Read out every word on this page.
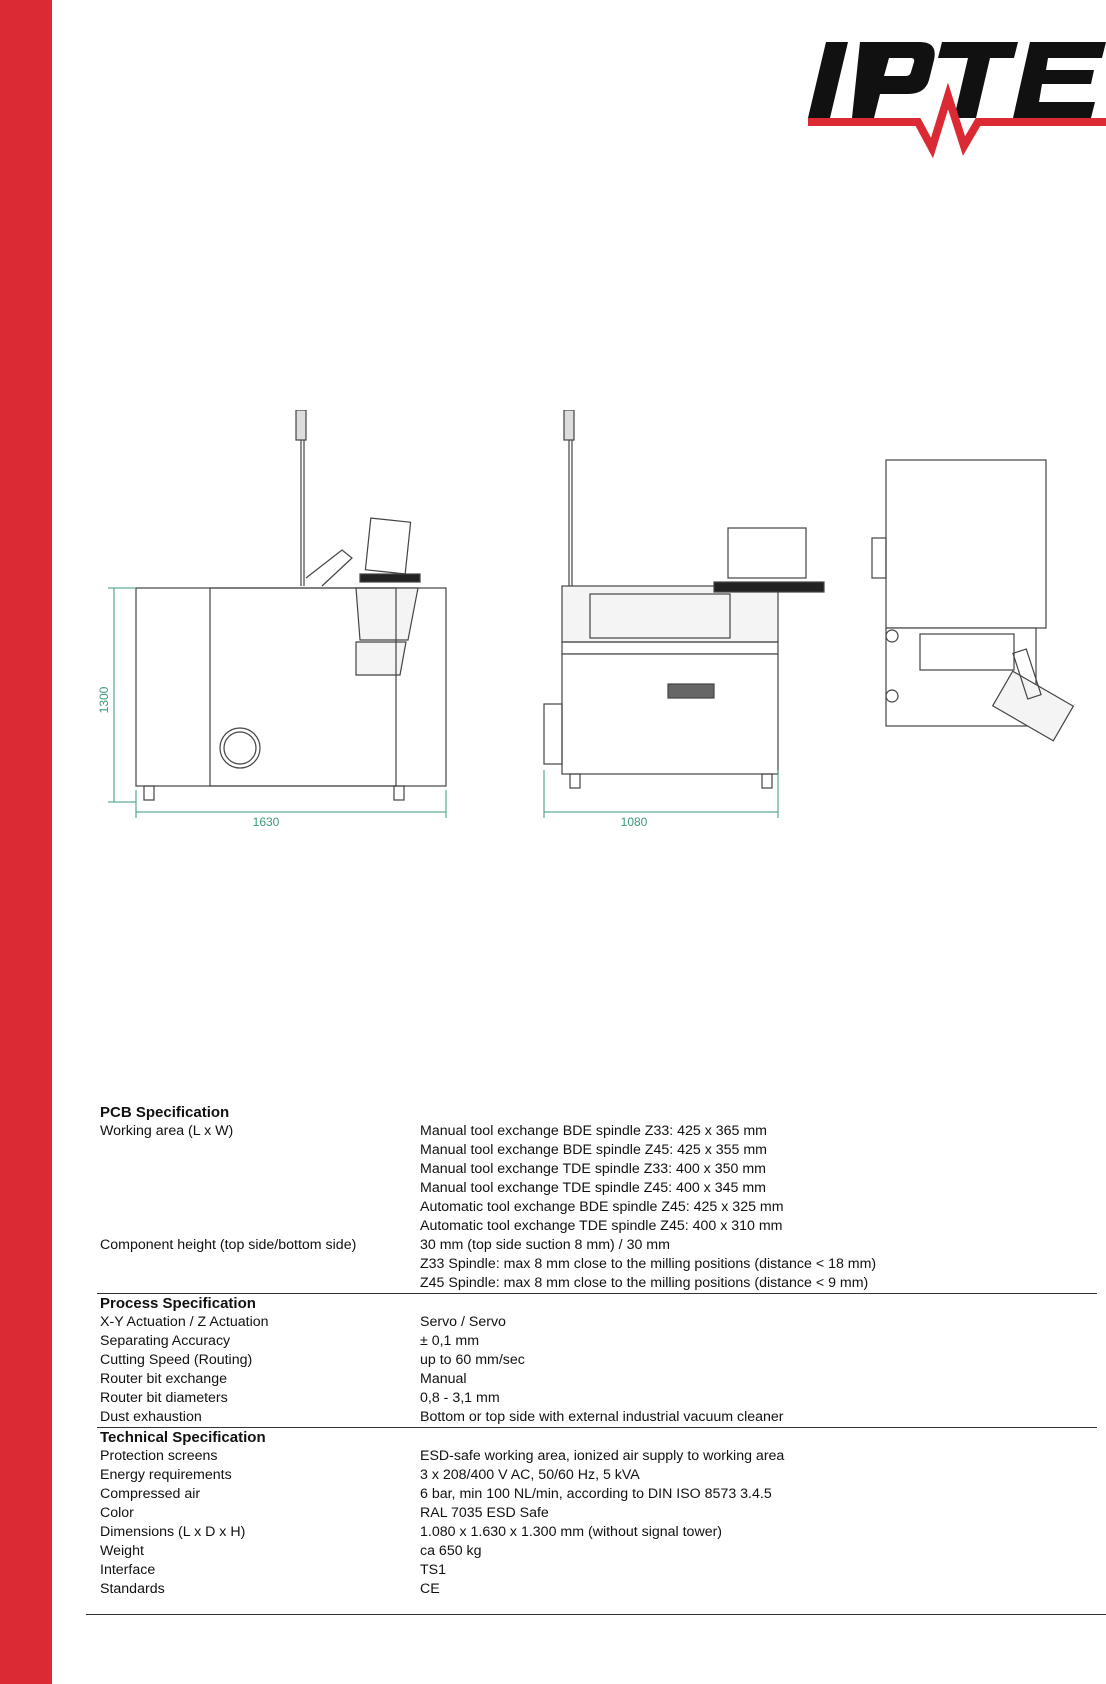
1300
1630	1080
PCB Specification
Working area (L x W)	Manual tool exchange BDE spindle Z33: 425 x 365 mm
Manual tool exchange BDE spindle Z45: 425 x 355 mm
Manual tool exchange TDE spindle Z33: 400 x 350 mm
Manual tool exchange TDE spindle Z45: 400 x 345 mm
Automatic tool exchange BDE spindle Z45: 425 x 325 mm
Automatic tool exchange TDE spindle Z45: 400 x 310 mm
Component height (top side/bottom side)	30 mm (top side suction 8 mm) / 30 mm
Z33 Spindle: max 8 mm close to the milling positions (distance < 18 mm)
Z45 Spindle: max 8 mm close to the milling positions (distance < 9 mm)
Process Specification
X-Y Actuation / Z Actuation	Servo / Servo
Separating Accuracy	± 0,1 mm
Cutting Speed (Routing)	up to 60 mm/sec
Router bit exchange	Manual
Router bit diameters	0,8 - 3,1 mm
Dust exhaustion	Bottom or top side with external industrial vacuum cleaner
Technical Specification
Protection screens	ESD-safe working area, ionized air supply to working area
Energy requirements	3 x 208/400 V AC, 50/60 Hz, 5 kVA
Compressed air	6 bar, min 100 NL/min, according to DIN ISO 8573 3.4.5
Color	RAL 7035 ESD Safe
Dimensions (L x D x H)	1.080 x 1.630 x 1.300 mm (without signal tower)
Weight	ca 650 kg
Interface	TS1
Standards	CE
